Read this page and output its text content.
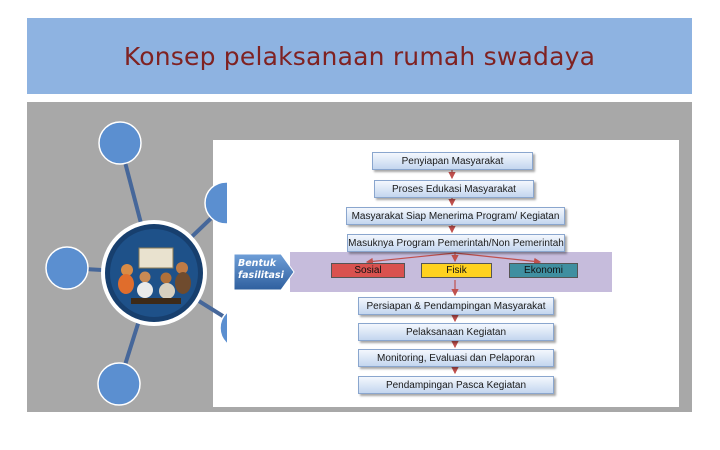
Konsep pelaksanaan rumah swadaya
Bentuk
fasilitasi
Penyiapan Masyarakat
Proses Edukasi Masyarakat
Masyarakat Siap Menerima Program/ Kegiatan
Masuknya Program Pemerintah/Non Pemerintah
Sosial	Fisik	Ekonomi
Persiapan & Pendampingan Masyarakat
Pelaksanaan Kegiatan
Monitoring, Evaluasi dan Pelaporan
Pendampingan Pasca Kegiatan
